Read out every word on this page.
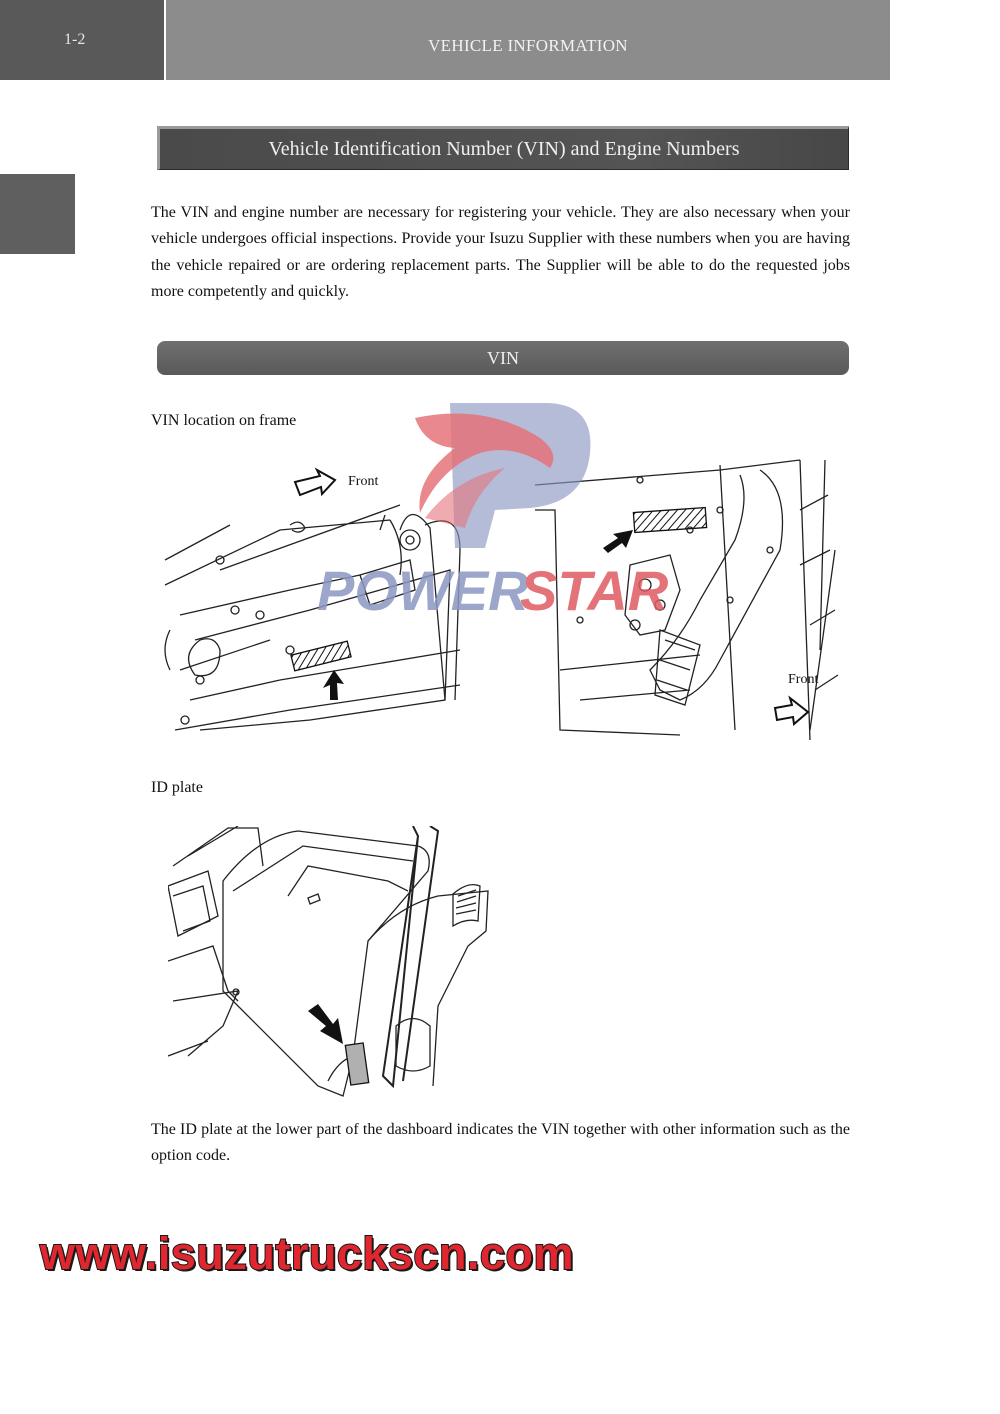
1-2	VEHICLE INFORMATION
Vehicle Identification Number (VIN) and Engine Numbers

The VIN and engine number are necessary for registering your vehicle. They are also necessary when your vehicle undergoes official inspections. Provide your Isuzu Supplier with these numbers when you are having the vehicle repaired or are ordering replacement parts. The Supplier will be able to do the requested jobs more competently and quickly.

VIN
VIN location on frame
Front
Front
POWER
STAR
ID plate

The ID plate at the lower part of the dashboard indicates the VIN together with other information such as the option code.

www.isuzutruckscn.com
